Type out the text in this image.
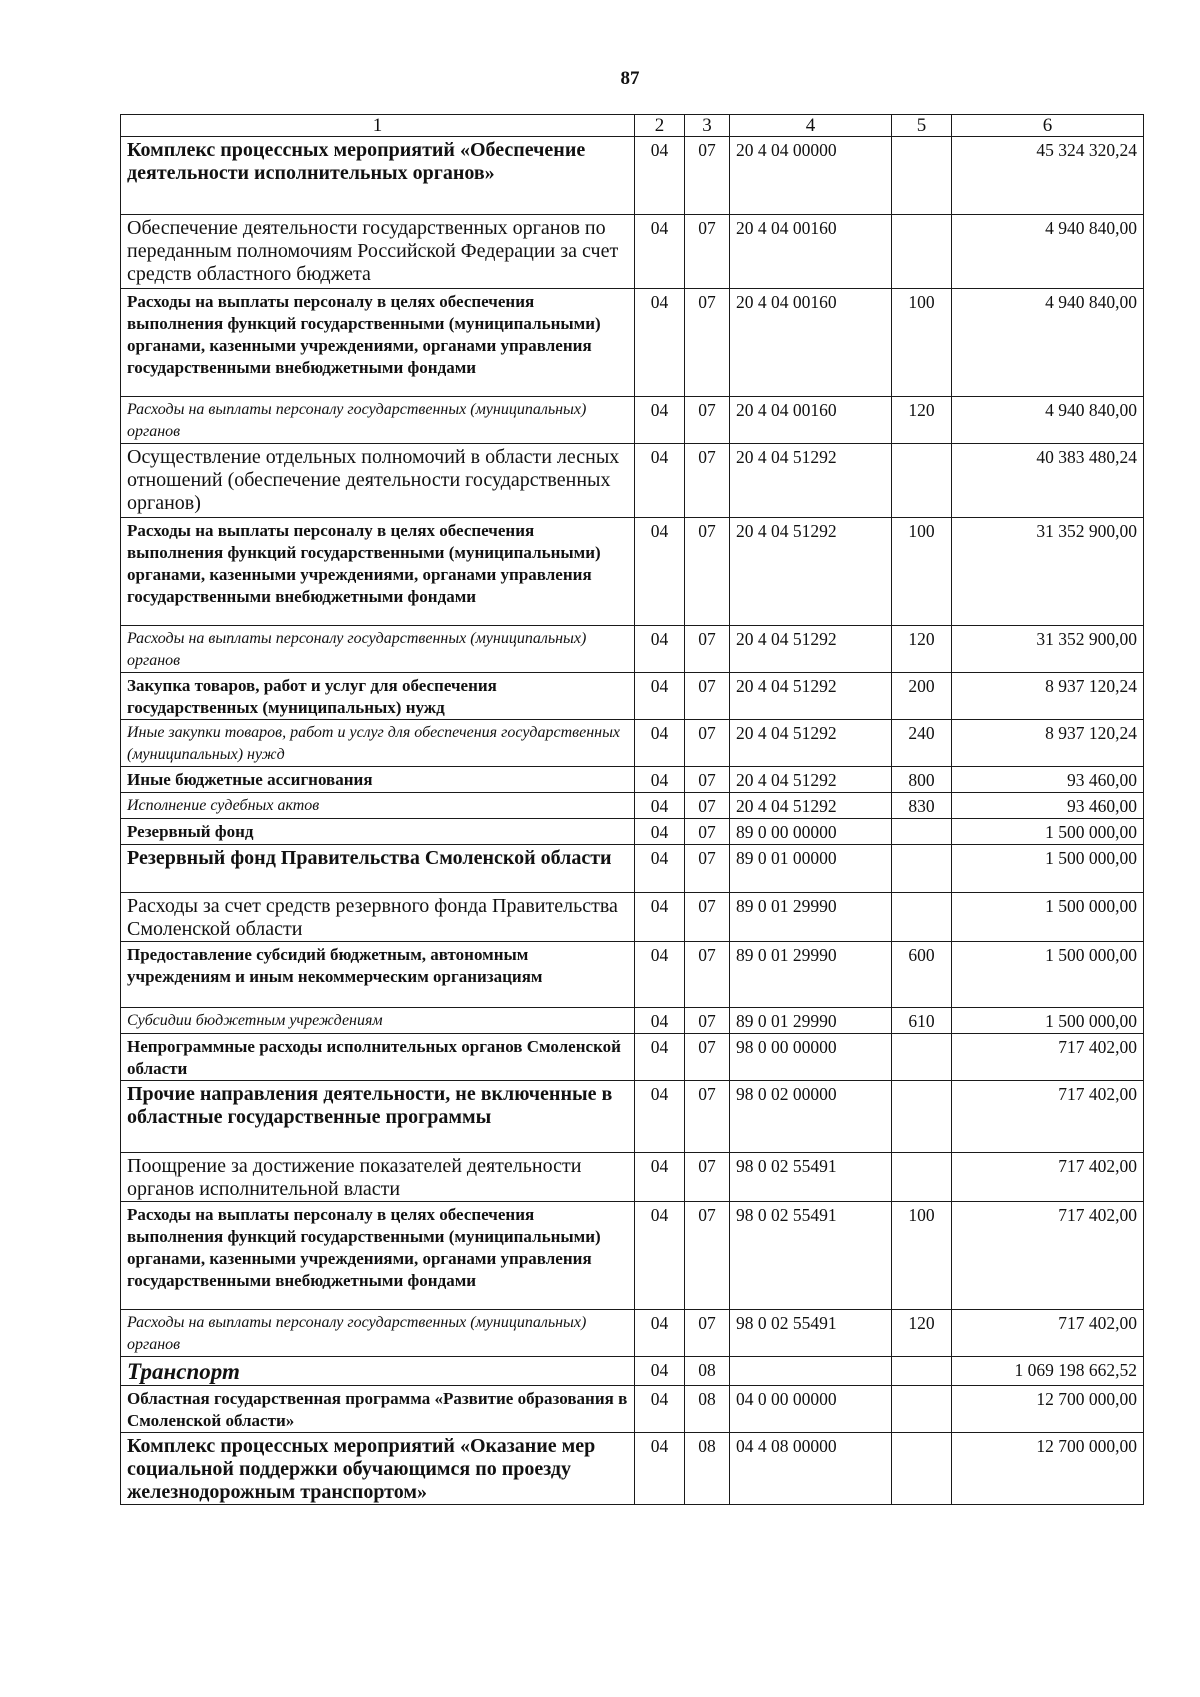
87
1	2	3	4	5	6
Комплекс процессных мероприятий «Обеспечение деятельности исполнительных органов»	04	07	20 4 04 00000		45 324 320,24
Обеспечение деятельности государственных органов по переданным полномочиям Российской Федерации за счет средств областного бюджета	04	07	20 4 04 00160		4 940 840,00
Расходы на выплаты персоналу в целях обеспечения выполнения функций государственными (муниципальными) органами, казенными учреждениями, органами управления государственными внебюджетными фондами	04	07	20 4 04 00160	100	4 940 840,00
Расходы на выплаты персоналу государственных (муниципальных) органов	04	07	20 4 04 00160	120	4 940 840,00
Осуществление отдельных полномочий в области лесных отношений (обеспечение деятельности государственных органов)	04	07	20 4 04 51292		40 383 480,24
Расходы на выплаты персоналу в целях обеспечения выполнения функций государственными (муниципальными) органами, казенными учреждениями, органами управления государственными внебюджетными фондами	04	07	20 4 04 51292	100	31 352 900,00
Расходы на выплаты персоналу государственных (муниципальных) органов	04	07	20 4 04 51292	120	31 352 900,00
Закупка товаров, работ и услуг для обеспечения государственных (муниципальных) нужд	04	07	20 4 04 51292	200	8 937 120,24
Иные закупки товаров, работ и услуг для обеспечения государственных (муниципальных) нужд	04	07	20 4 04 51292	240	8 937 120,24
Иные бюджетные ассигнования	04	07	20 4 04 51292	800	93 460,00
Исполнение судебных актов	04	07	20 4 04 51292	830	93 460,00
Резервный фонд	04	07	89 0 00 00000		1 500 000,00
Резервный фонд Правительства Смоленской области	04	07	89 0 01 00000		1 500 000,00
Расходы за счет средств резервного фонда Правительства Смоленской области	04	07	89 0 01 29990		1 500 000,00
Предоставление субсидий бюджетным, автономным учреждениям и иным некоммерческим организациям	04	07	89 0 01 29990	600	1 500 000,00
Субсидии бюджетным учреждениям	04	07	89 0 01 29990	610	1 500 000,00
Непрограммные расходы исполнительных органов Смоленской области	04	07	98 0 00 00000		717 402,00
Прочие направления деятельности, не включенные в областные государственные программы	04	07	98 0 02 00000		717 402,00
Поощрение за достижение показателей деятельности органов исполнительной власти	04	07	98 0 02 55491		717 402,00
Расходы на выплаты персоналу в целях обеспечения выполнения функций государственными (муниципальными) органами, казенными учреждениями, органами управления государственными внебюджетными фондами	04	07	98 0 02 55491	100	717 402,00
Расходы на выплаты персоналу государственных (муниципальных) органов	04	07	98 0 02 55491	120	717 402,00
Транспорт	04	08			1 069 198 662,52
Областная государственная программа «Развитие образования в Смоленской области»	04	08	04 0 00 00000		12 700 000,00
Комплекс процессных мероприятий «Оказание мер социальной поддержки обучающимся по проезду железнодорожным транспортом»	04	08	04 4 08 00000		12 700 000,00
